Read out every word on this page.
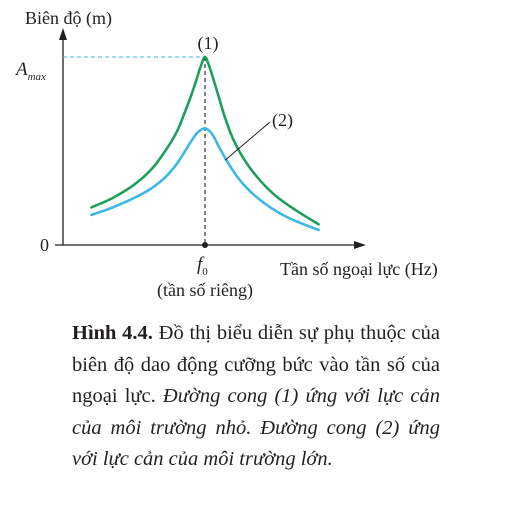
Biên độ (m)
Tần số ngoại lực (Hz)
0
$A_{max}$
$f_0$
(tần số riêng)
(1)
(2)
Hình 4.4. Đồ thị biểu diễn sự phụ thuộc của biên độ dao động cưỡng bức vào tần số của ngoại lực. Đường cong (1) ứng với lực cản của môi trường nhỏ. Đường cong (2) ứng với lực cản của môi trường lớn.
